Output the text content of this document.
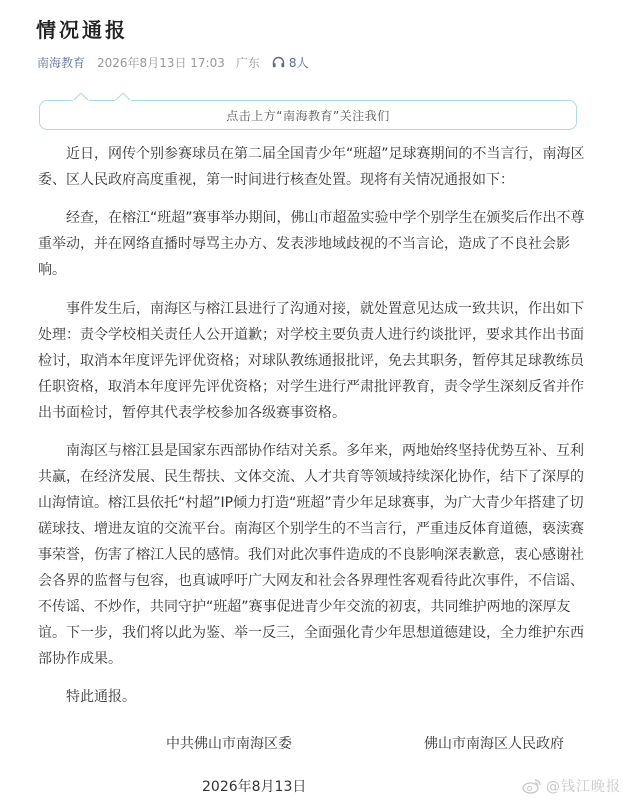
情况通报
南海教育 2026年8月13日 17:03 广东 8人
点击上方“南海教育”关注我们

近日，网传个别参赛球员在第二届全国青少年“班超”足球赛期间的不当言行，南海区委、区人民政府高度重视，第一时间进行核查处置。现将有关情况通报如下：

经查，在榕江“班超”赛事举办期间，佛山市超盈实验中学个别学生在颁奖后作出不尊重举动，并在网络直播时辱骂主办方、发表涉地域歧视的不当言论，造成了不良社会影响。

事件发生后，南海区与榕江县进行了沟通对接，就处置意见达成一致共识，作出如下处理：责令学校相关责任人公开道歉；对学校主要负责人进行约谈批评，要求其作出书面检讨，取消本年度评先评优资格；对球队教练通报批评，免去其职务，暂停其足球教练员任职资格，取消本年度评先评优资格；对学生进行严肃批评教育，责令学生深刻反省并作出书面检讨，暂停其代表学校参加各级赛事资格。

南海区与榕江县是国家东西部协作结对关系。多年来，两地始终坚持优势互补、互利共赢，在经济发展、民生帮扶、文体交流、人才共育等领域持续深化协作，结下了深厚的山海情谊。榕江县依托“村超”IP倾力打造“班超”青少年足球赛事，为广大青少年搭建了切磋球技、增进友谊的交流平台。南海区个别学生的不当言行，严重违反体育道德，亵渎赛事荣誉，伤害了榕江人民的感情。我们对此次事件造成的不良影响深表歉意，衷心感谢社会各界的监督与包容，也真诚呼吁广大网友和社会各界理性客观看待此次事件，不信谣、不传谣、不炒作，共同守护“班超”赛事促进青少年交流的初衷，共同维护两地的深厚友谊。下一步，我们将以此为鉴、举一反三，全面强化青少年思想道德建设，全力维护东西部协作成果。

特此通报。

中共佛山市南海区委	佛山市南海区人民政府
2026年8月13日	@钱江晚报
